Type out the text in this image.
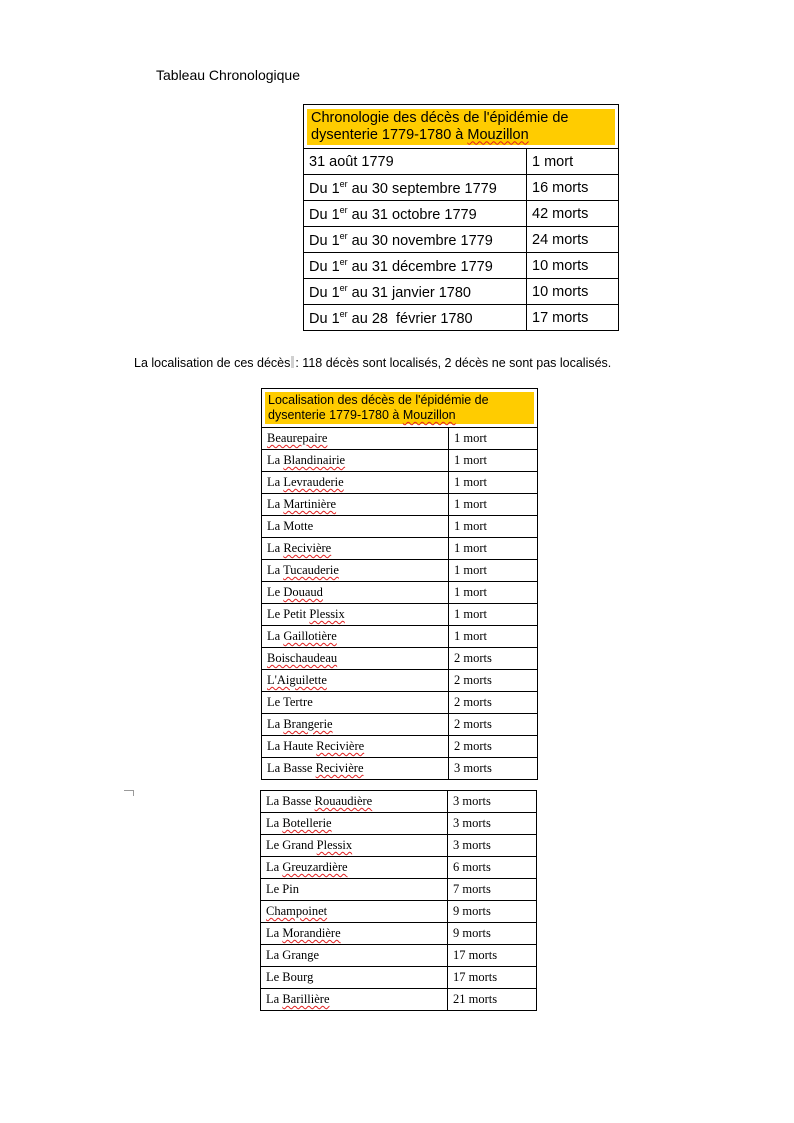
Tableau Chronologique
Chronologie des décès de l'épidémie de
dysenterie 1779-1780 à Mouzillon	

31 août 1779	1 mort
Du 1er au 30 septembre 1779	16 morts
Du 1er au 31 octobre 1779	42 morts
Du 1er au 30 novembre 1779	24 morts
Du 1er au 31 décembre 1779	10 morts
Du 1er au 31 janvier 1780	10 morts
Du 1er au 28  février 1780	17 morts
La localisation de ces décès : 118 décès sont localisés, 2 décès ne sont pas localisés.
Localisation des décès de l'épidémie de
dysenterie 1779-1780 à Mouzillon	

Beaurepaire	1 mort
La Blandinairie	1 mort
La Levrauderie	1 mort
La Martinière	1 mort
La Motte	1 mort
La Recivière	1 mort
La Tucauderie	1 mort
Le Douaud	1 mort
Le Petit Plessix	1 mort
La Gaillotière	1 mort
Boischaudeau	2 morts
L'Aiguilette	2 morts
Le Tertre	2 morts
La Brangerie	2 morts
La Haute Recivière	2 morts
La Basse Recivière	3 morts
La Basse Rouaudière	3 morts
La Botellerie	3 morts
Le Grand Plessix	3 morts
La Greuzardière	6 morts
Le Pin	7 morts
Champoinet	9 morts
La Morandière	9 morts
La Grange	17 morts
Le Bourg	17 morts
La Barillière	21 morts
